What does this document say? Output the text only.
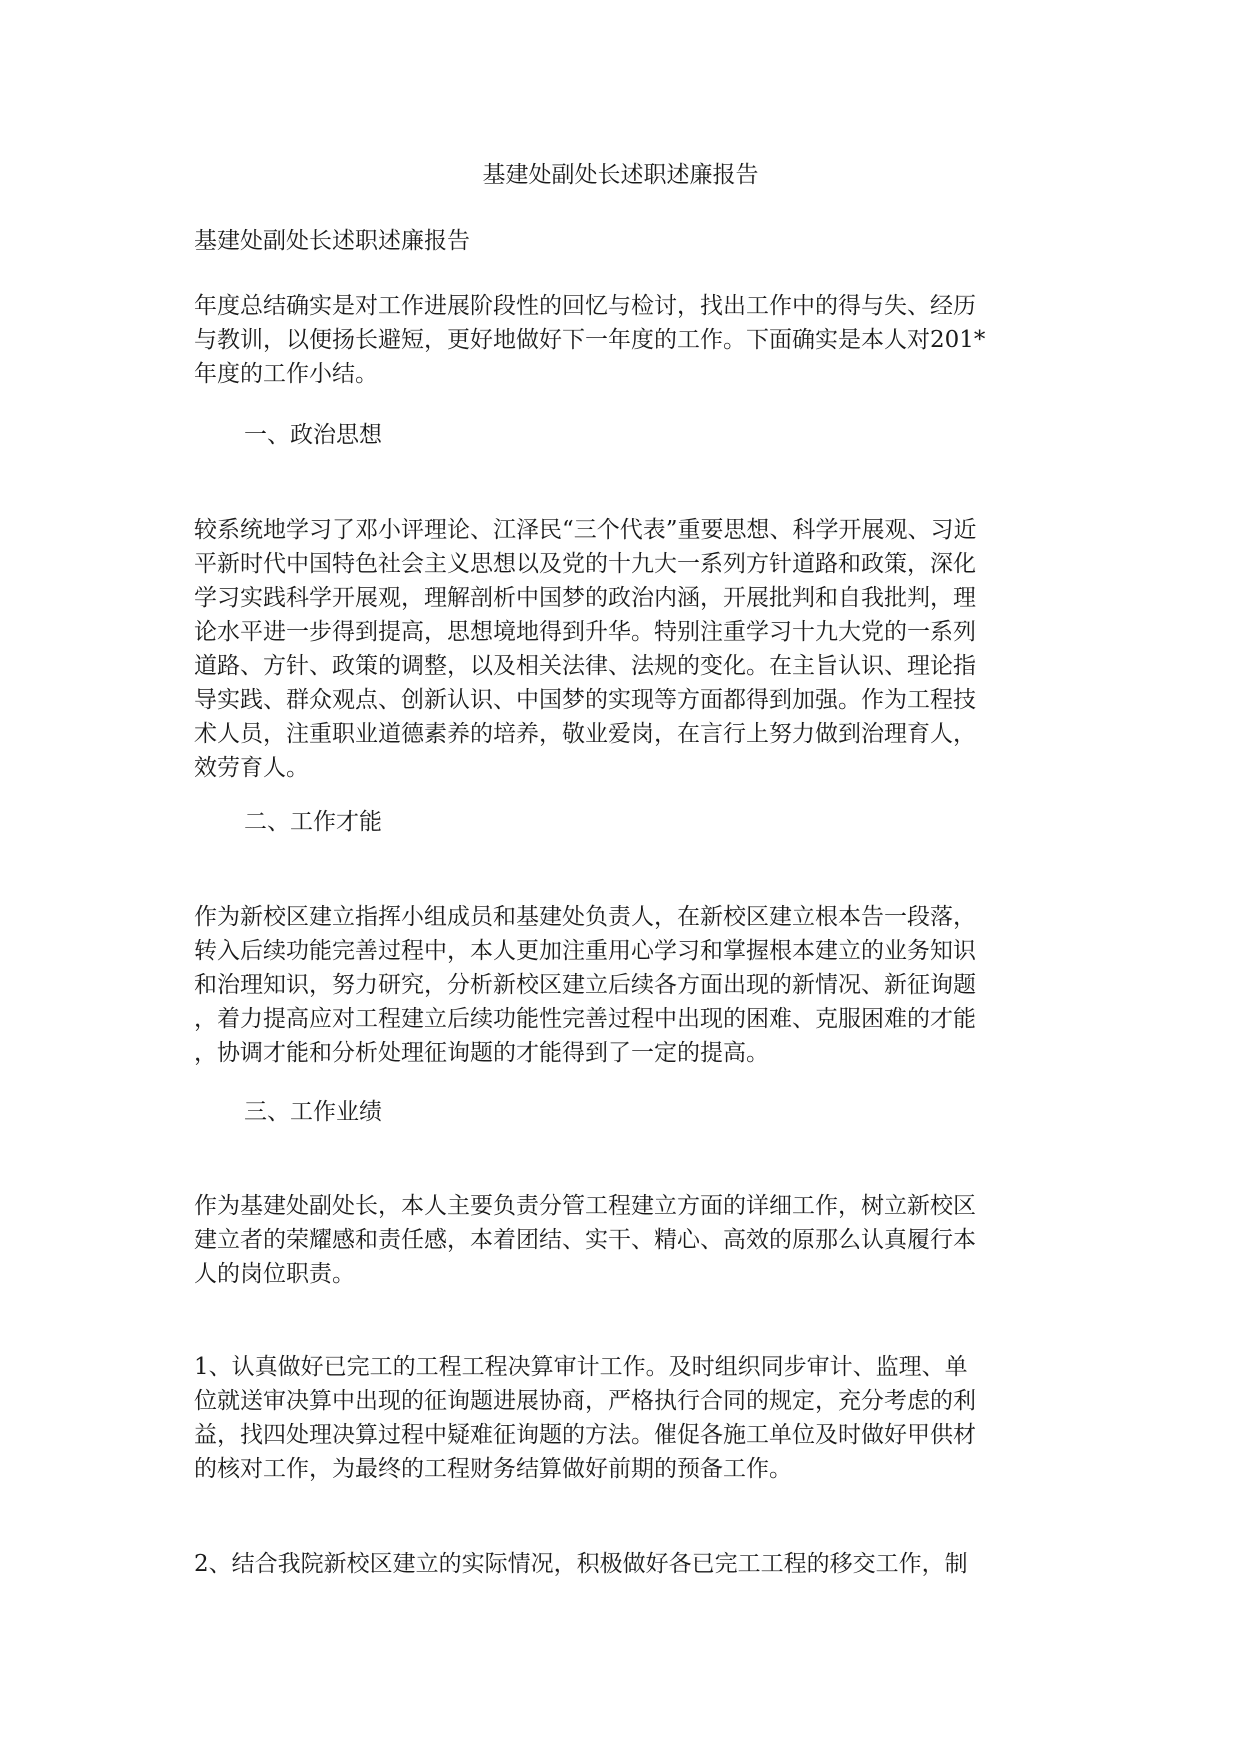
基建处副处长述职述廉报告
基建处副处长述职述廉报告
年度总结确实是对工作进展阶段性的回忆与检讨，找出工作中的得与失、经历
与教训，以便扬长避短，更好地做好下一年度的工作。下面确实是本人对201*
年度的工作小结。
一、政治思想
较系统地学习了邓小评理论、江泽民“三个代表”重要思想、科学开展观、习近
平新时代中国特色社会主义思想以及党的十九大一系列方针道路和政策，深化
学习实践科学开展观，理解剖析中国梦的政治内涵，开展批判和自我批判，理
论水平进一步得到提高，思想境地得到升华。特别注重学习十九大党的一系列
道路、方针、政策的调整，以及相关法律、法规的变化。在主旨认识、理论指
导实践、群众观点、创新认识、中国梦的实现等方面都得到加强。作为工程技
术人员，注重职业道德素养的培养，敬业爱岗，在言行上努力做到治理育人，
效劳育人。
二、工作才能
作为新校区建立指挥小组成员和基建处负责人，在新校区建立根本告一段落，
转入后续功能完善过程中，本人更加注重用心学习和掌握根本建立的业务知识
和治理知识，努力研究，分析新校区建立后续各方面出现的新情况、新征询题
，着力提高应对工程建立后续功能性完善过程中出现的困难、克服困难的才能
，协调才能和分析处理征询题的才能得到了一定的提高。
三、工作业绩
作为基建处副处长，本人主要负责分管工程建立方面的详细工作，树立新校区
建立者的荣耀感和责任感，本着团结、实干、精心、高效的原那么认真履行本
人的岗位职责。
1、认真做好已完工的工程工程决算审计工作。及时组织同步审计、监理、单
位就送审决算中出现的征询题进展协商，严格执行合同的规定，充分考虑的利
益，找四处理决算过程中疑难征询题的方法。催促各施工单位及时做好甲供材
的核对工作，为最终的工程财务结算做好前期的预备工作。
2、结合我院新校区建立的实际情况，积极做好各已完工工程的移交工作，制
